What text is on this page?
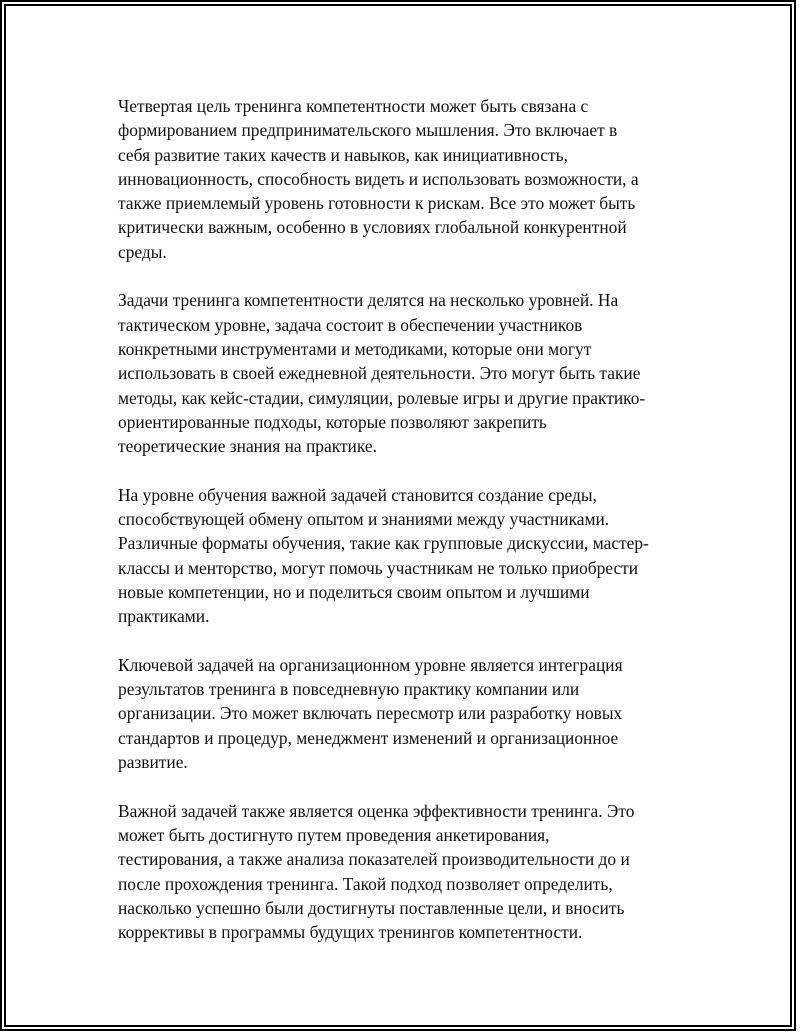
Четвертая цель тренинга компетентности может быть связана с
формированием предпринимательского мышления. Это включает в
себя развитие таких качеств и навыков, как инициативность,
инновационность, способность видеть и использовать возможности, а
также приемлемый уровень готовности к рискам. Все это может быть
критически важным, особенно в условиях глобальной конкурентной
среды.

Задачи тренинга компетентности делятся на несколько уровней. На
тактическом уровне, задача состоит в обеспечении участников
конкретными инструментами и методиками, которые они могут
использовать в своей ежедневной деятельности. Это могут быть такие
методы, как кейс-стадии, симуляции, ролевые игры и другие практико-
ориентированные подходы, которые позволяют закрепить
теоретические знания на практике.

На уровне обучения важной задачей становится создание среды,
способствующей обмену опытом и знаниями между участниками.
Различные форматы обучения, такие как групповые дискуссии, мастер-
классы и менторство, могут помочь участникам не только приобрести
новые компетенции, но и поделиться своим опытом и лучшими
практиками.

Ключевой задачей на организационном уровне является интеграция
результатов тренинга в повседневную практику компании или
организации. Это может включать пересмотр или разработку новых
стандартов и процедур, менеджмент изменений и организационное
развитие.

Важной задачей также является оценка эффективности тренинга. Это
может быть достигнуто путем проведения анкетирования,
тестирования, а также анализа показателей производительности до и
после прохождения тренинга. Такой подход позволяет определить,
насколько успешно были достигнуты поставленные цели, и вносить
коррективы в программы будущих тренингов компетентности.
